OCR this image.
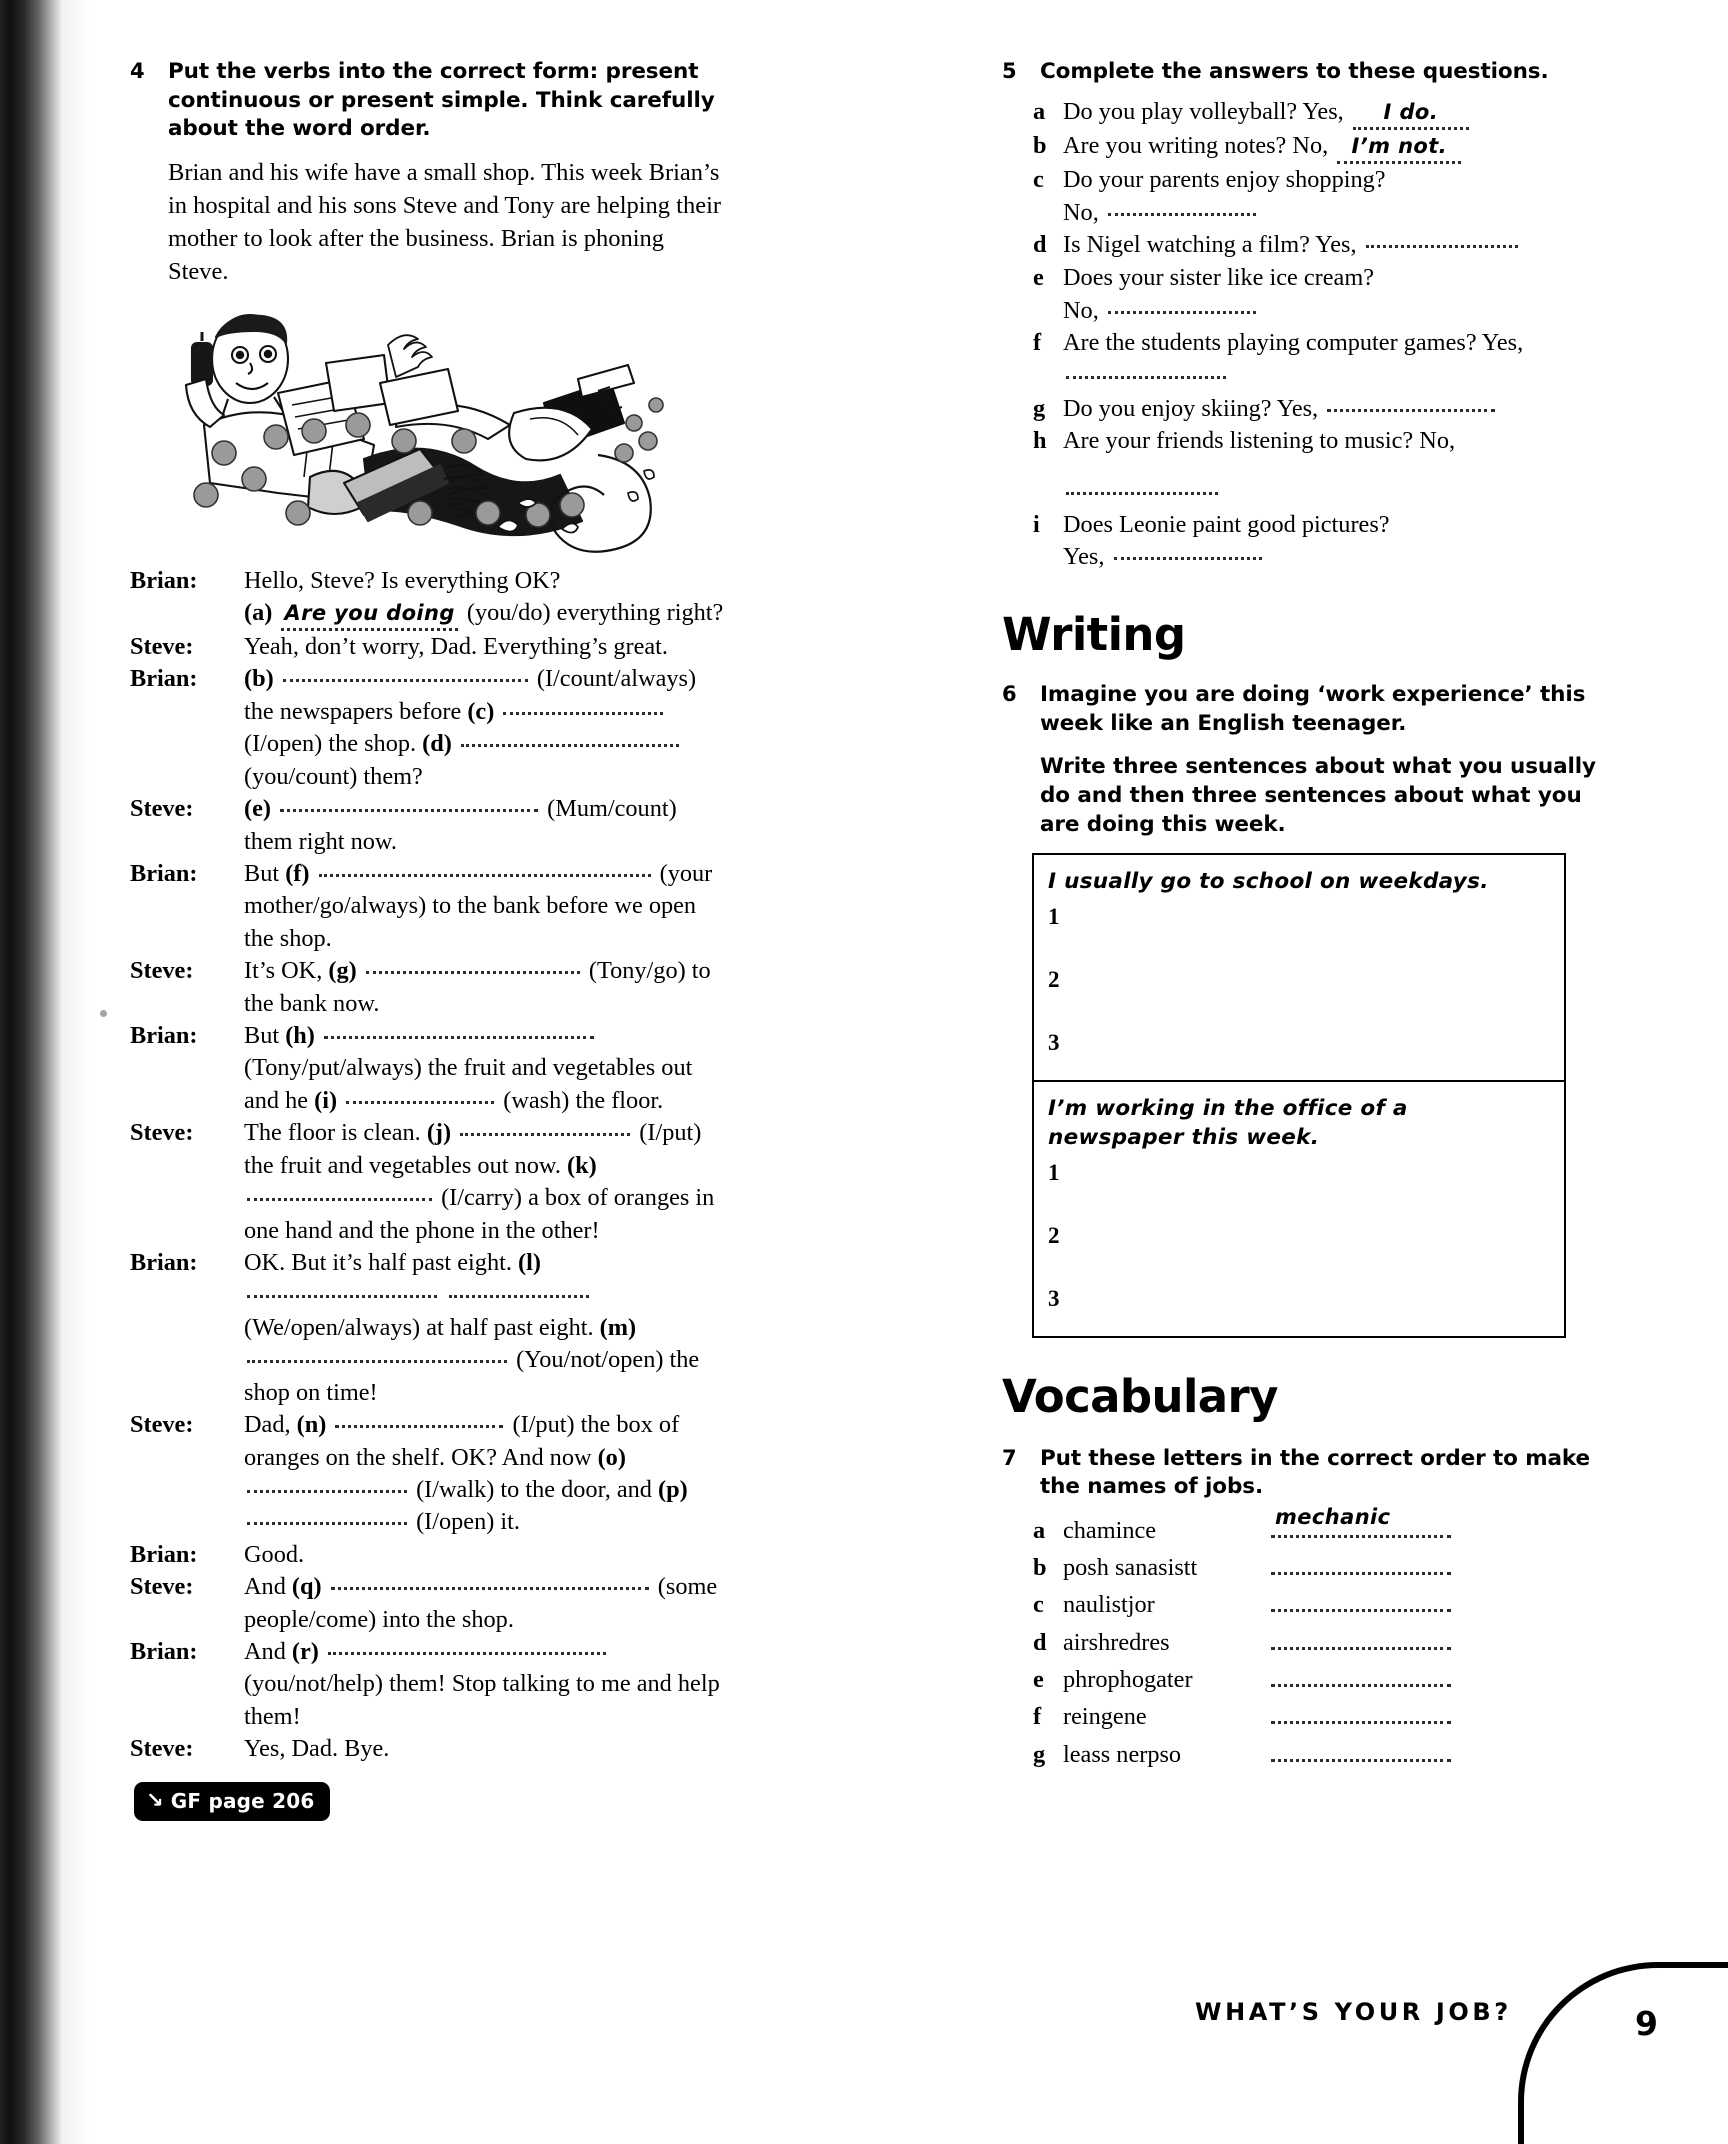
4	Put the verbs into the correct form: present continuous or present simple. Think carefully about the word order.
Brian and his wife have a small shop. This week Brian’s in hospital and his sons Steve and Tony are helping their mother to look after the business. Brian is phoning Steve.
Brian:	Hello, Steve? Is everything OK?
(a) Are you doing (you/do) everything right?
Steve:	Yeah, don’t worry, Dad. Everything’s great.
Brian:	(b)	(I/count/always) the newspapers before (c)  (I/open) the shop. (d)  (you/count) them?
Steve:	(e)	(Mum/count) them right now.
Brian:	But (f)	(your mother/go/always) to the bank before we open the shop.
Steve:	It’s OK, (g)	(Tony/go) to the bank now.
Brian:	But (h)  (Tony/put/always) the fruit and vegetables out and he (i)	(wash) the floor.
Steve:	The floor is clean. (j)	(I/put) the fruit and vegetables out now. (k)  (I/carry) a box of oranges in one hand and the phone in the other!
Brian:	OK. But it’s half past eight. (l)   (We/open/always) at half past eight. (m)  (You/not/open) the shop on time!
Steve:	Dad, (n)	(I/put) the box of oranges on the shelf. OK? And now (o)  (I/walk) to the door, and (p)  (I/open) it.
Brian:	Good.
Steve:	And (q)	(some people/come) into the shop.
Brian:	And (r)  (you/not/help) them! Stop talking to me and help them!
Steve:	Yes, Dad. Bye.
↘ GF page 206
5	Complete the answers to these questions.
a Do you play volleyball? Yes, I do.
b Are you writing notes? No, I’m not.
c Do your parents enjoy shopping?
No,
d Is Nigel watching a film? Yes,
e Does your sister like ice cream?
No,
f Are the students playing computer games? Yes,
g Do you enjoy skiing? Yes,
h Are your friends listening to music? No,
i Does Leonie paint good pictures?
Yes,
Writing
6	Imagine you are doing ‘work experience’ this week like an English teenager.
Write three sentences about what you usually do and then three sentences about what you are doing this week.
I usually go to school on weekdays.
1
2
3
I’m working in the office of a
newspaper this week.
1
2
3
Vocabulary
7	Put these letters in the correct order to make the names of jobs.
a chamince	mechanic
b posh sanasistt
c naulistjor
d airshredres
e phrophogater
f reingene
g leass nerpso
WHAT’S YOUR JOB?	9
